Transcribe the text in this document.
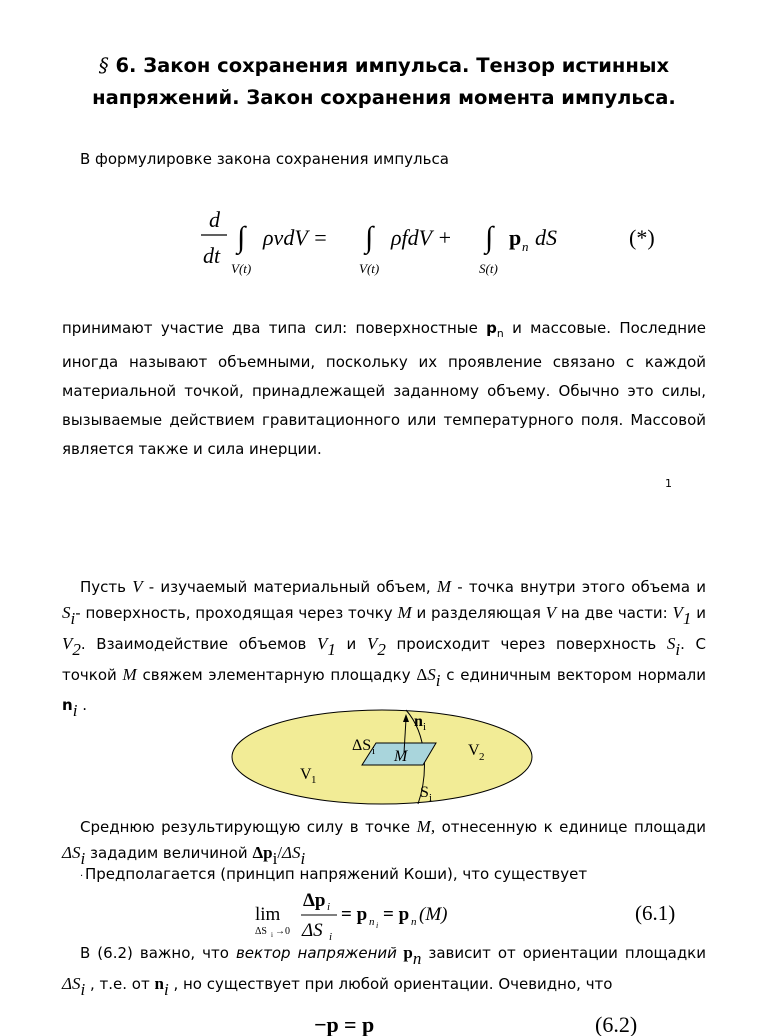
§ 6. Закон сохранения импульса. Тензор истинных
напряжений. Закон сохранения момента импульса.
В формулировке закона сохранения импульса
d
dt
∫
V(t)
ρvdV = ∫
V(t)
ρfdV + ∫
S(t)
p n dS	(*)
принимают участие два типа сил: поверхностные $p_n$ и массовые. Последние иногда называют объемными, поскольку их проявление связано с каждой материальной точкой, принадлежащей заданному объему. Обычно это силы, вызываемые действием гравитационного или температурного поля. Массовой является также и сила инерции.
1
Пусть V - изучаемый материальный объем, M - точка внутри этого объема и Si- поверхность, проходящая через точку M и разделяющая V на две части: V1 и V2. Взаимодействие объемов V1 и V2 происходит через поверхность Si. С точкой M свяжем элементарную площадку ΔSi с единичным вектором нормали ni .
n i
ΔS i M	V 2
V 1
S i
Среднюю результирующую силу в точке M, отнесенную к единице площади ΔSi зададим величиной Δpi/ΔSi
· Предполагается (принцип напряжений Коши), что существует
lim
ΔS i →0
Δp i
ΔS i
= p n i
= p n (M)	(6.1)
В (6.2) важно, что вектор напряжений pn зависит от ориентации площадки ΔSi , т.е. от ni , но существует при любой ориентации. Очевидно, что
−p = p	(6.2)
